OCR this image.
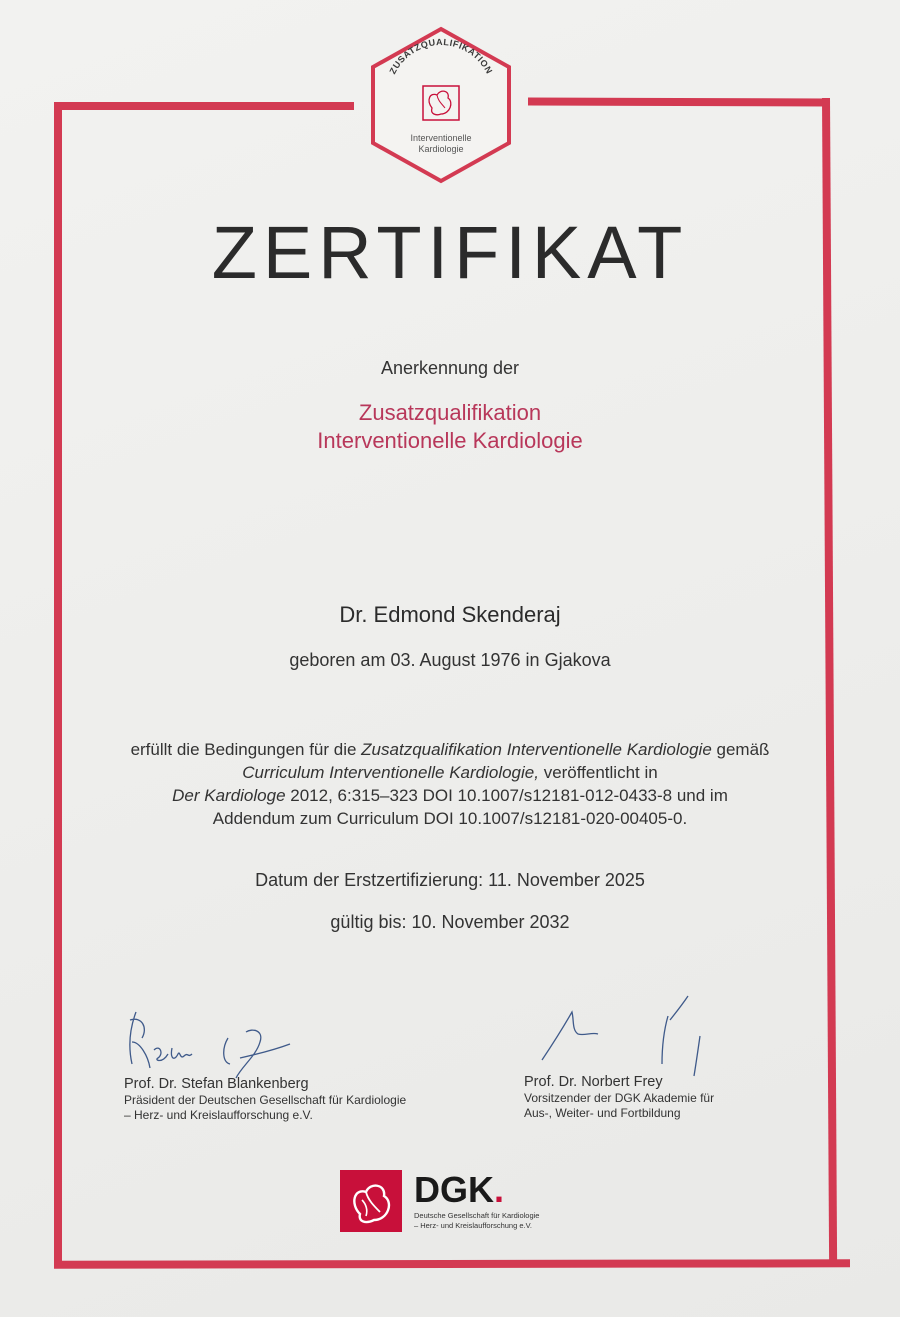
ZUSATZQUALIFIKATION
Interventionelle
Kardiologie
ZERTIFIKAT
Anerkennung der
Zusatzqualifikation
Interventionelle Kardiologie
Dr. Edmond Skenderaj
geboren am 03. August 1976 in Gjakova
erfüllt die Bedingungen für die Zusatzqualifikation Interventionelle Kardiologie gemäß
Curriculum Interventionelle Kardiologie, veröffentlicht in
Der Kardiologe 2012, 6:315–323 DOI 10.1007/s12181-012-0433-8 und im
Addendum zum Curriculum DOI 10.1007/s12181-020-00405-0.
Datum der Erstzertifizierung: 11. November 2025
gültig bis: 10. November 2032
Prof. Dr. Stefan Blankenberg
Präsident der Deutschen Gesellschaft für Kardiologie
– Herz- und Kreislaufforschung e.V.
Prof. Dr. Norbert Frey
Vorsitzender der DGK Akademie für
Aus-, Weiter- und Fortbildung
DGK.
Deutsche Gesellschaft für Kardiologie
– Herz- und Kreislaufforschung e.V.
